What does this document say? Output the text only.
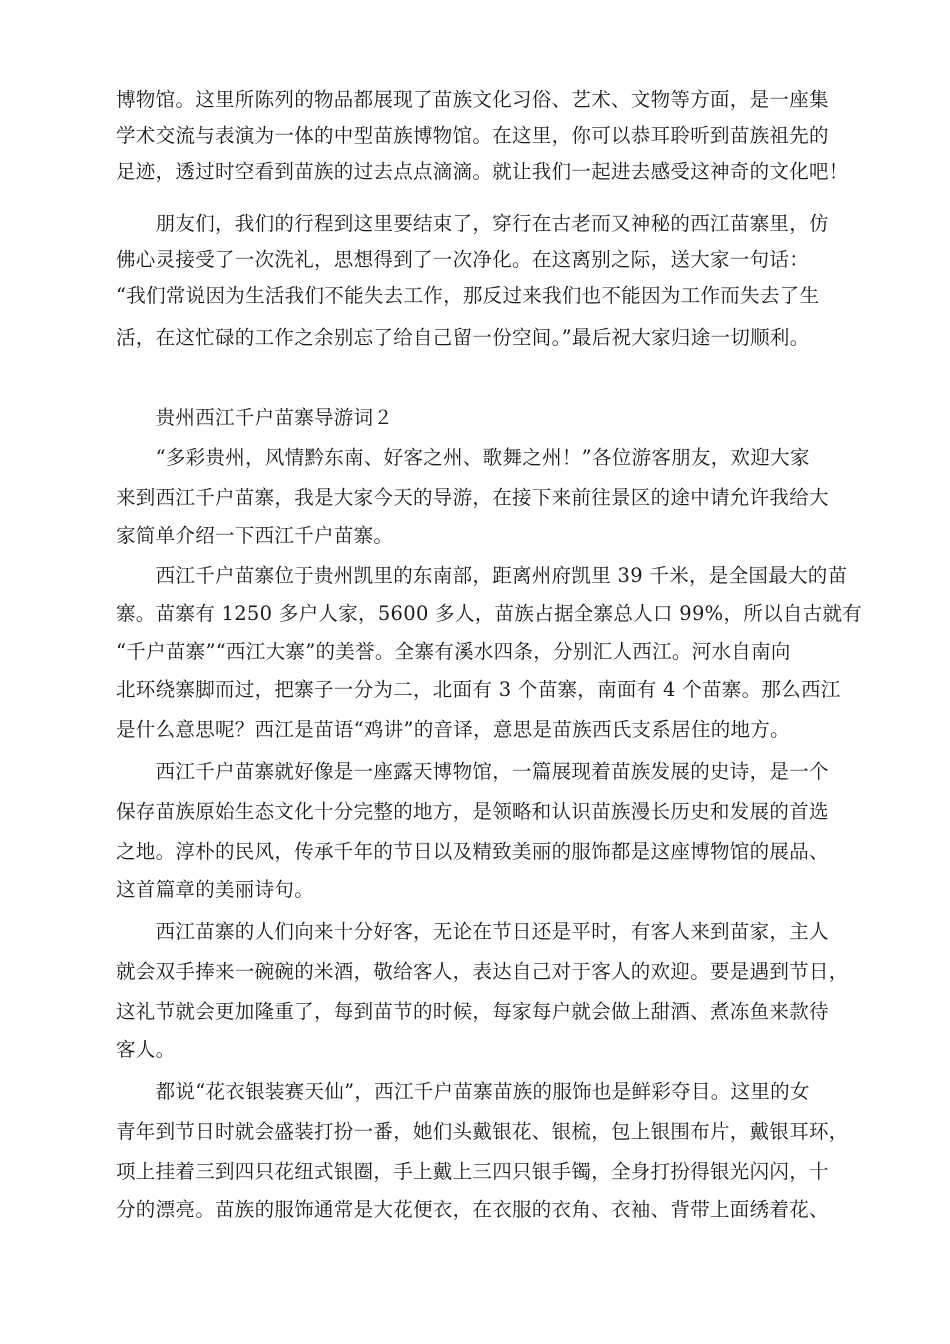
博物馆。这里所陈列的物品都展现了苗族文化习俗、艺术、文物等方面，是一座集
学术交流与表演为一体的中型苗族博物馆。在这里，你可以恭耳聆听到苗族祖先的
足迹，透过时空看到苗族的过去点点滴滴。就让我们一起进去感受这神奇的文化吧！
　　朋友们，我们的行程到这里要结束了，穿行在古老而又神秘的西江苗寨里，仿
佛心灵接受了一次洗礼，思想得到了一次净化。在这离别之际，送大家一句话：
“我们常说因为生活我们不能失去工作，那反过来我们也不能因为工作而失去了生
活，在这忙碌的工作之余别忘了给自己留一份空间。”最后祝大家归途一切顺利。
　　贵州西江千户苗寨导游词２
　　“多彩贵州，风情黔东南、好客之州、歌舞之州！”各位游客朋友，欢迎大家
来到西江千户苗寨，我是大家今天的导游，在接下来前往景区的途中请允许我给大
家简单介绍一下西江千户苗寨。
　　西江千户苗寨位于贵州凯里的东南部，距离州府凯里 39 千米，是全国最大的苗
寨。苗寨有 1250 多户人家，5600 多人，苗族占据全寨总人口 99%，所以自古就有
“千户苗寨”“西江大寨”的美誉。全寨有溪水四条，分别汇人西江。河水自南向
北环绕寨脚而过，把寨子一分为二，北面有 3 个苗寨，南面有 4 个苗寨。那么西江
是什么意思呢？西江是苗语“鸡讲”的音译，意思是苗族西氏支系居住的地方。
　　西江千户苗寨就好像是一座露天博物馆，一篇展现着苗族发展的史诗，是一个
保存苗族原始生态文化十分完整的地方，是领略和认识苗族漫长历史和发展的首选
之地。淳朴的民风，传承千年的节日以及精致美丽的服饰都是这座博物馆的展品、
这首篇章的美丽诗句。
　　西江苗寨的人们向来十分好客，无论在节日还是平时，有客人来到苗家，主人
就会双手捧来一碗碗的米酒，敬给客人，表达自己对于客人的欢迎。要是遇到节日，
这礼节就会更加隆重了，每到苗节的时候，每家每户就会做上甜酒、煮冻鱼来款待
客人。
　　都说“花衣银装赛天仙”，西江千户苗寨苗族的服饰也是鲜彩夺目。这里的女
青年到节日时就会盛装打扮一番，她们头戴银花、银梳，包上银围布片，戴银耳环，
项上挂着三到四只花纽式银圈，手上戴上三四只银手镯，全身打扮得银光闪闪，十
分的漂亮。苗族的服饰通常是大花便衣，在衣服的衣角、衣袖、背带上面绣着花、
